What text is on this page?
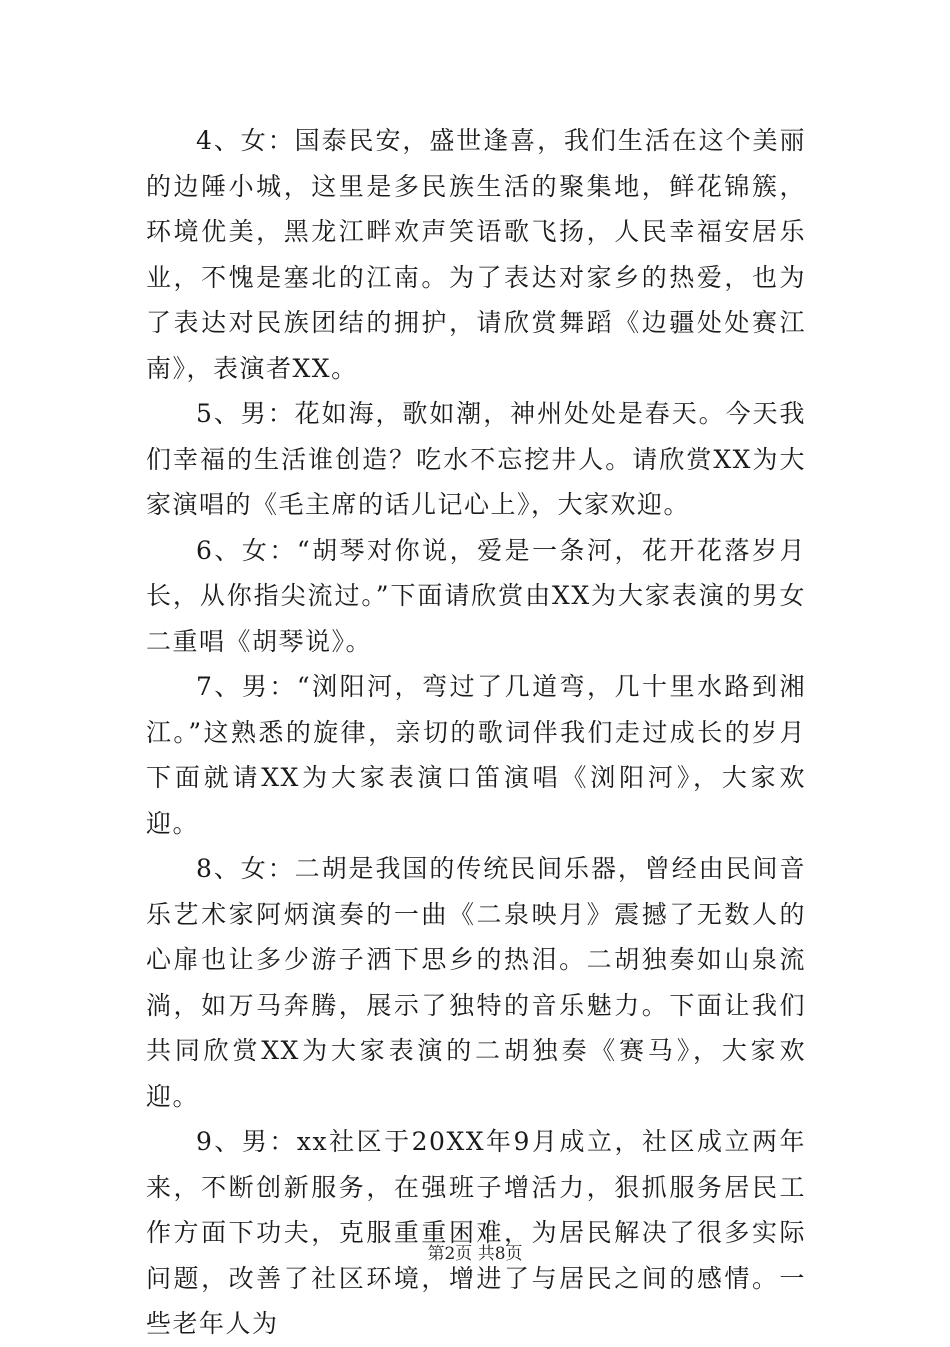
4、女：国泰民安，盛世逢喜，我们生活在这个美丽的边陲小城，这里是多民族生活的聚集地，鲜花锦簇，环境优美，黑龙江畔欢声笑语歌飞扬，人民幸福安居乐业，不愧是塞北的江南。为了表达对家乡的热爱，也为了表达对民族团结的拥护，请欣赏舞蹈《边疆处处赛江南》，表演者XX。

5、男：花如海，歌如潮，神州处处是春天。今天我们幸福的生活谁创造？吃水不忘挖井人。请欣赏XX为大家演唱的《毛主席的话儿记心上》，大家欢迎。

6、女：“胡琴对你说，爱是一条河，花开花落岁月长，从你指尖流过。”下面请欣赏由XX为大家表演的男女二重唱《胡琴说》。

7、男：“浏阳河，弯过了几道弯，几十里水路到湘江。”这熟悉的旋律，亲切的歌词伴我们走过成长的岁月下面就请XX为大家表演口笛演唱《浏阳河》，大家欢迎。

8、女：二胡是我国的传统民间乐器，曾经由民间音乐艺术家阿炳演奏的一曲《二泉映月》震撼了无数人的心扉也让多少游子洒下思乡的热泪。二胡独奏如山泉流淌，如万马奔腾，展示了独特的音乐魅力。下面让我们共同欣赏XX为大家表演的二胡独奏《赛马》，大家欢迎。

9、男：xx社区于20XX年9月成立，社区成立两年来，不断创新服务，在强班子增活力，狠抓服务居民工作方面下功夫，克服重重困难，为居民解决了很多实际问题，改善了社区环境，增进了与居民之间的感情。一些老年人为

第2页 共8页
